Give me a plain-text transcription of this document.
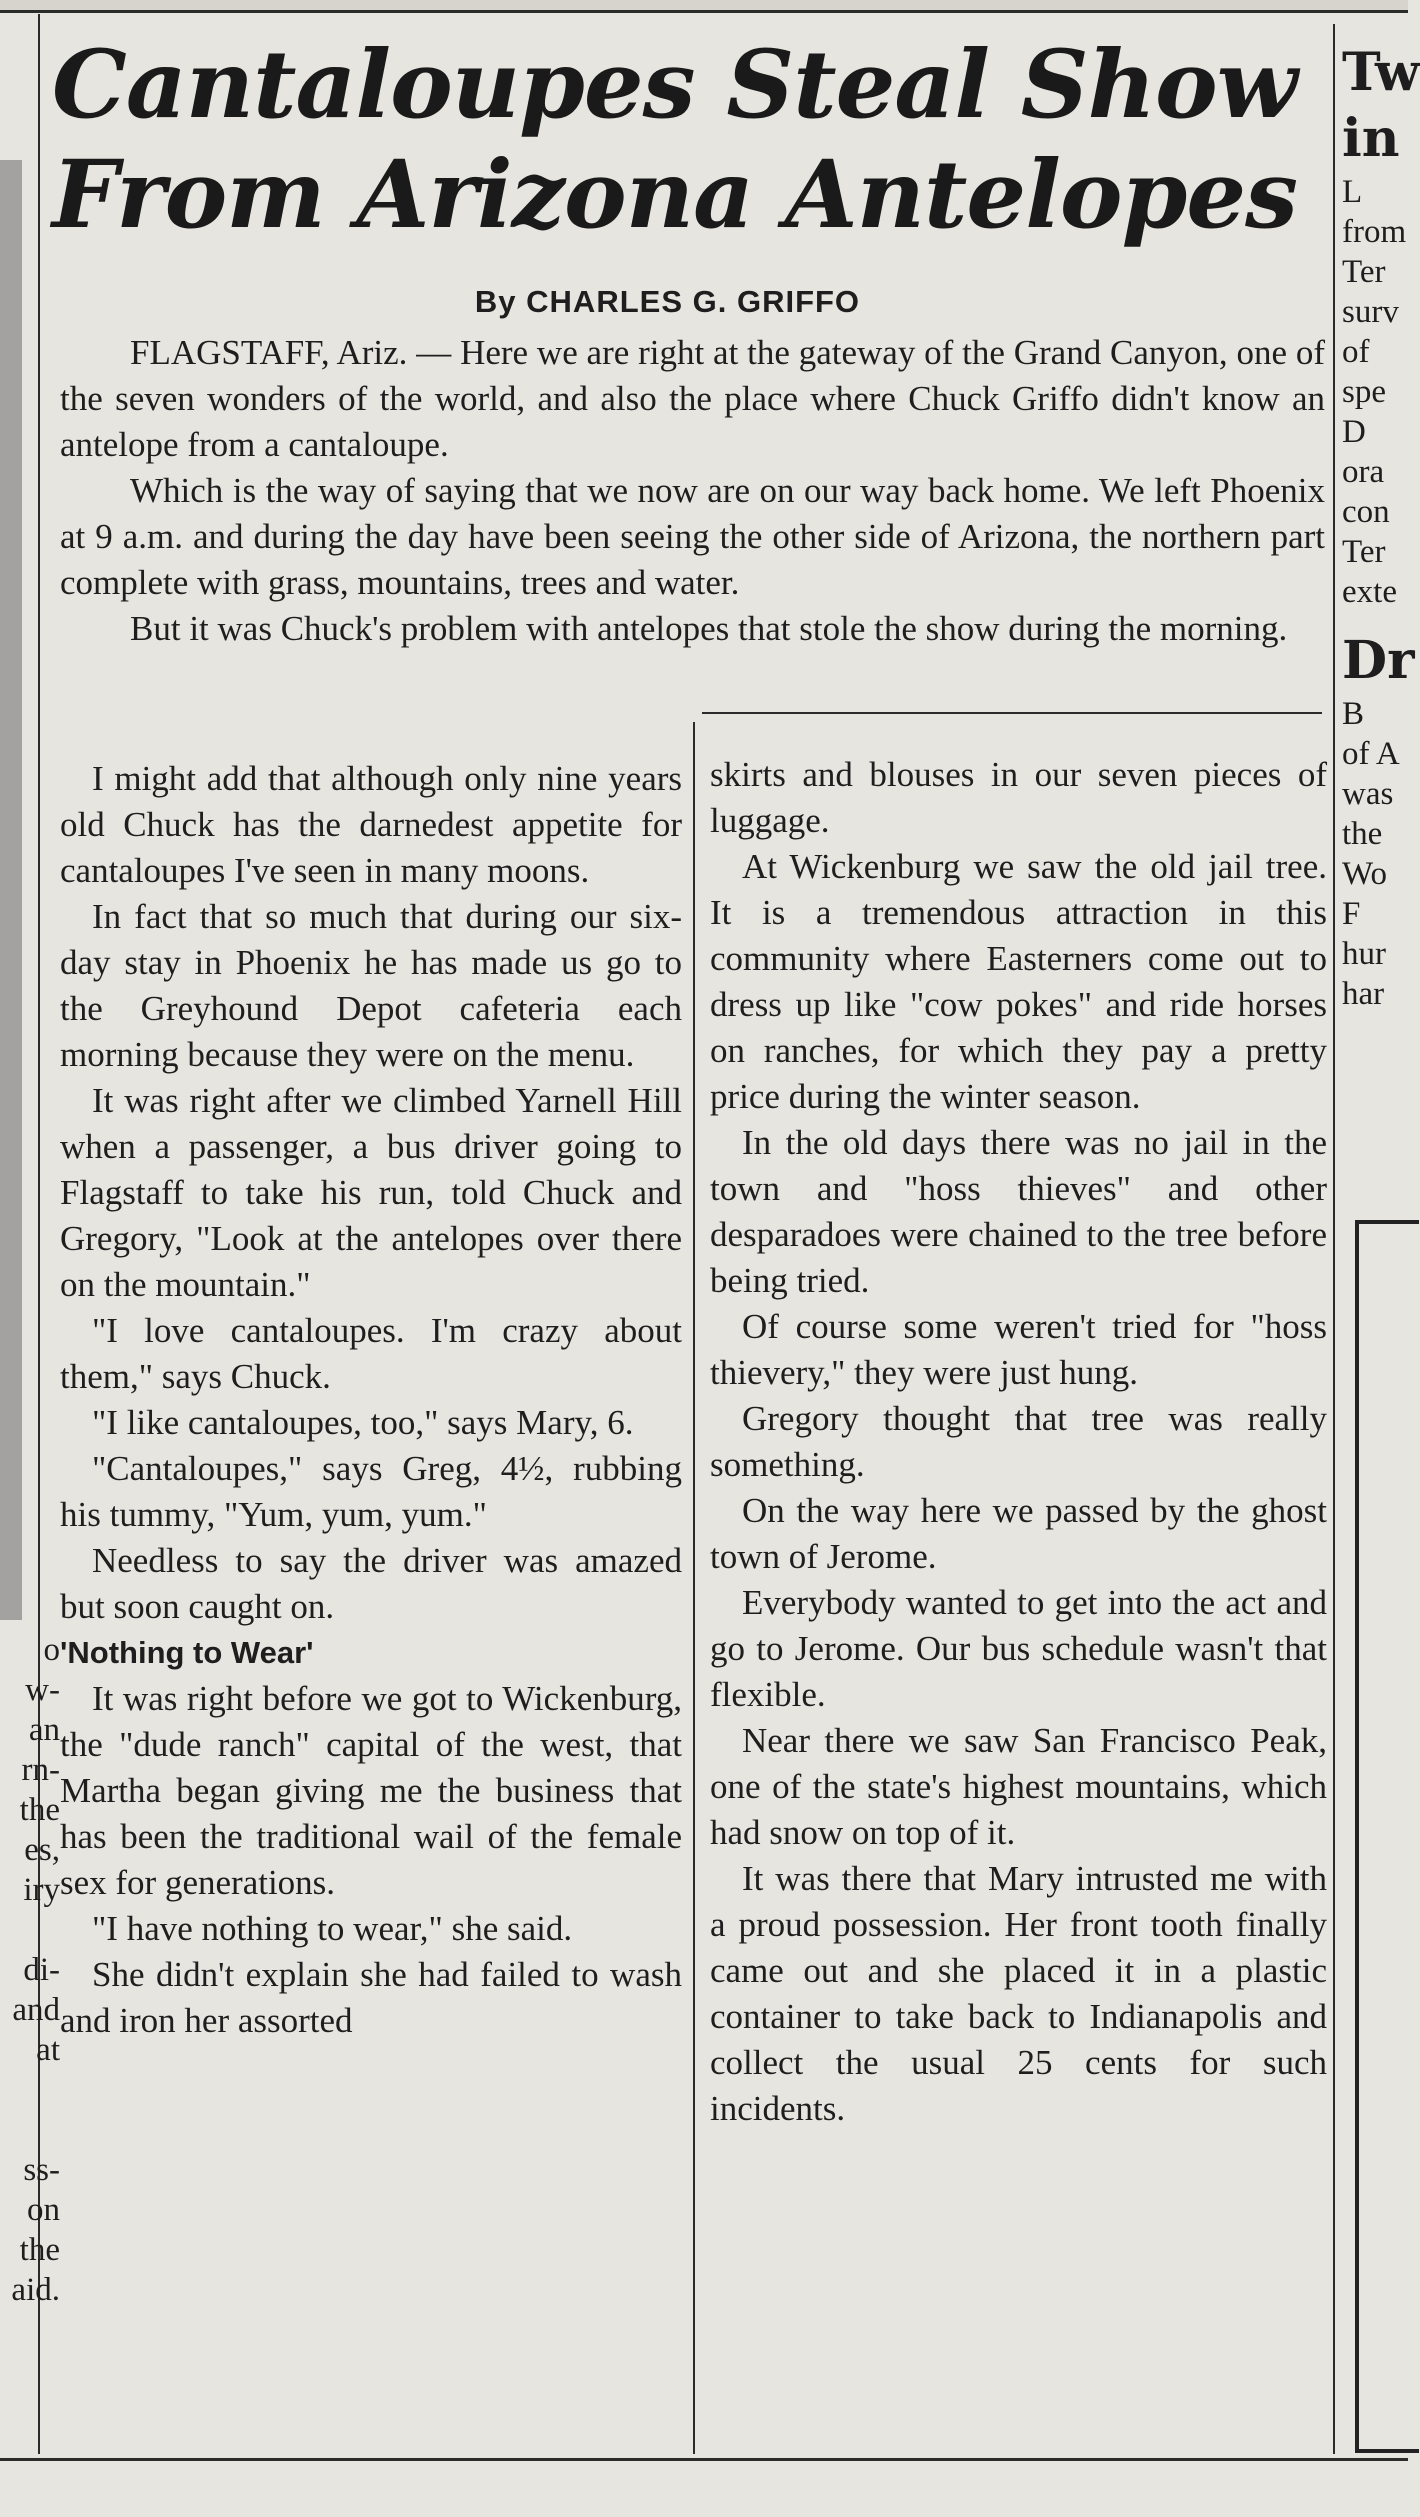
o
w-
an
rn-
the
es,
iry
di-
and
at
ss-
on
the
aid.
Cantaloupes Steal Show
From Arizona Antelopes
By CHARLES G. GRIFFO

FLAGSTAFF, Ariz. — Here we are right at the gateway of the Grand Canyon, one of the seven wonders of the world, and also the place where Chuck Griffo didn't know an antelope from a cantaloupe.

Which is the way of saying that we now are on our way back home. We left Phoenix at 9 a.m. and during the day have been seeing the other side of Arizona, the northern part complete with grass, mountains, trees and water.

But it was Chuck's problem with antelopes that stole the show during the morning.

I might add that although only nine years old Chuck has the darnedest appetite for cantaloupes I've seen in many moons.

In fact that so much that during our six-day stay in Phoenix he has made us go to the Greyhound Depot cafeteria each morning because they were on the menu.

It was right after we climbed Yarnell Hill when a passenger, a bus driver going to Flagstaff to take his run, told Chuck and Gregory, "Look at the antelopes over there on the mountain."

"I love cantaloupes. I'm crazy about them," says Chuck.

"I like cantaloupes, too," says Mary, 6.

"Cantaloupes," says Greg, 4½, rubbing his tummy, "Yum, yum, yum."

Needless to say the driver was amazed but soon caught on.

'Nothing to Wear'

It was right before we got to Wickenburg, the "dude ranch" capital of the west, that Martha began giving me the business that has been the traditional wail of the female sex for generations.

"I have nothing to wear," she said.

She didn't explain she had failed to wash and iron her assorted

skirts and blouses in our seven pieces of luggage.

At Wickenburg we saw the old jail tree. It is a tremendous attraction in this community where Easterners come out to dress up like "cow pokes" and ride horses on ranches, for which they pay a pretty price during the winter season.

In the old days there was no jail in the town and "hoss thieves" and other desparadoes were chained to the tree before being tried.

Of course some weren't tried for "hoss thievery," they were just hung.

Gregory thought that tree was really something.

On the way here we passed by the ghost town of Jerome.

Everybody wanted to get into the act and go to Jerome. Our bus schedule wasn't that flexible.

Near there we saw San Francisco Peak, one of the state's highest mountains, which had snow on top of it.

It was there that Mary intrusted me with a proud possession. Her front tooth finally came out and she placed it in a plastic container to take back to Indianapolis and collect the usual 25 cents for such incidents.

Tw
in
L
from
Ter
surv
of
spe
D
ora
con
Ter
exte
Dr
B
of A
was
the
Wo
F
hur
har
